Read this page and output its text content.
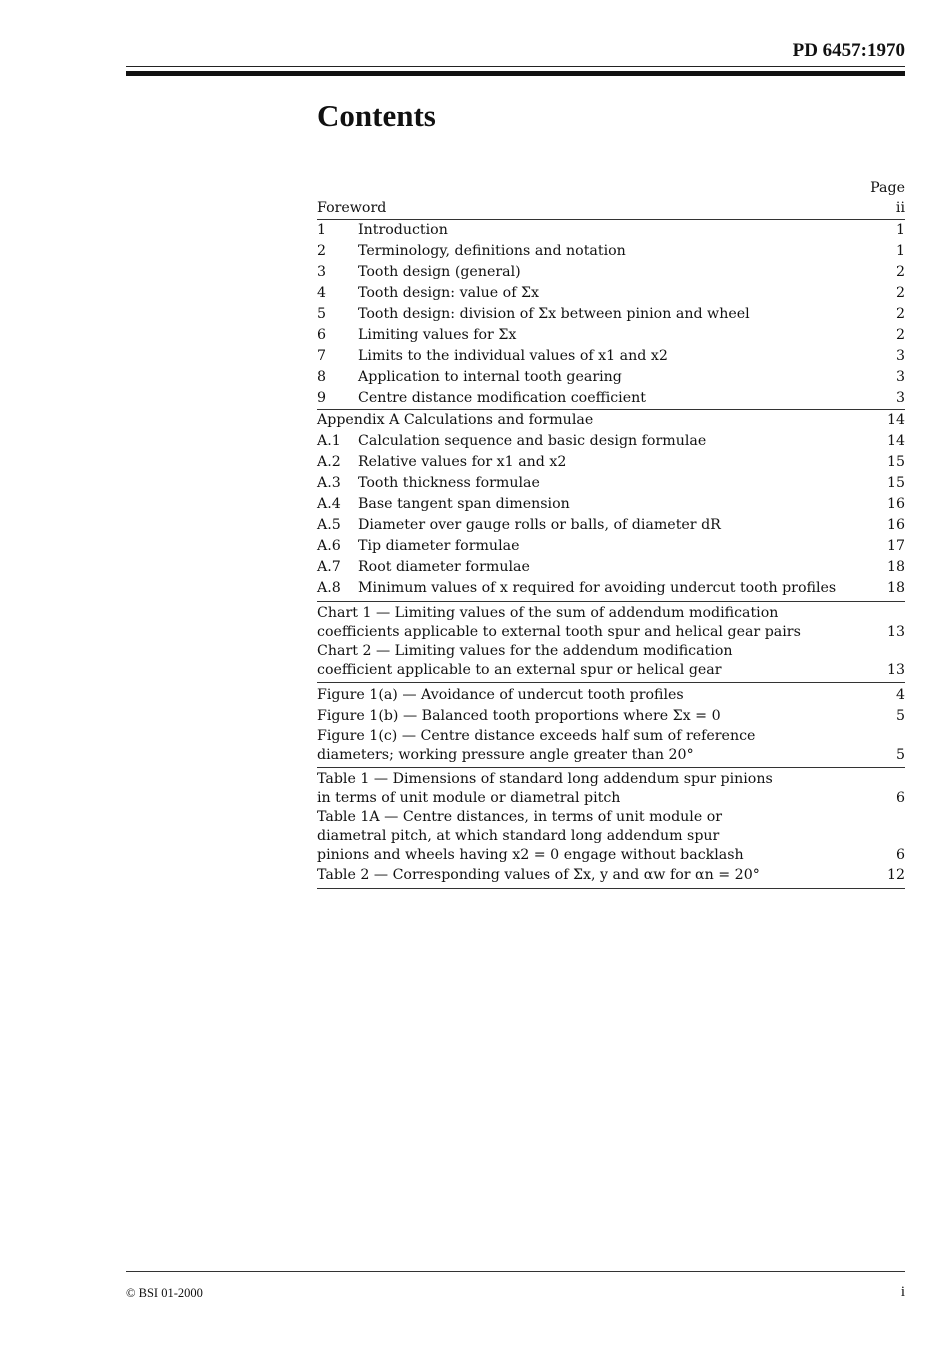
PD 6457:1970
Contents
Page
Foreword	ii
1	Introduction	1
2	Terminology, definitions and notation	1
3	Tooth design (general)	2
4	Tooth design: value of Σx	2
5	Tooth design: division of Σx between pinion and wheel	2
6	Limiting values for Σx	2
7	Limits to the individual values of x1 and x2	3
8	Application to internal tooth gearing	3
9	Centre distance modification coefficient	3
Appendix A Calculations and formulae	14
A.1	Calculation sequence and basic design formulae	14
A.2	Relative values for x1 and x2	15
A.3	Tooth thickness formulae	15
A.4	Base tangent span dimension	16
A.5	Diameter over gauge rolls or balls, of diameter dR	16
A.6	Tip diameter formulae	17
A.7	Root diameter formulae	18
A.8	Minimum values of x required for avoiding undercut tooth profiles	18
Chart 1 — Limiting values of the sum of addendum modification
coefficients applicable to external tooth spur and helical gear pairs	13
Chart 2 — Limiting values for the addendum modification
coefficient applicable to an external spur or helical gear	13
Figure 1(a) — Avoidance of undercut tooth profiles	4
Figure 1(b) — Balanced tooth proportions where Σx = 0	5
Figure 1(c) — Centre distance exceeds half sum of reference
diameters; working pressure angle greater than 20°	5
Table 1 — Dimensions of standard long addendum spur pinions
in terms of unit module or diametral pitch	6
Table 1A — Centre distances, in terms of unit module or
diametral pitch, at which standard long addendum spur
pinions and wheels having x2 = 0 engage without backlash	6
Table 2 — Corresponding values of Σx, y and αw for αn = 20°	12
© BSI 01-2000	i
